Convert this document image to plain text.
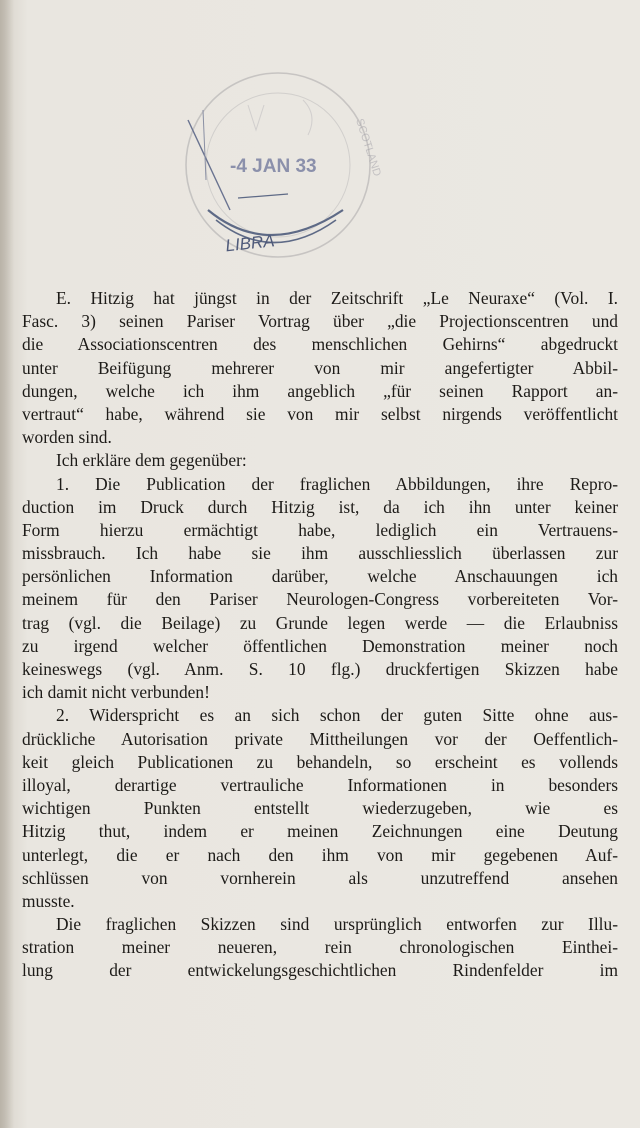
-4 JAN 33
LIBRA
SCOTLAND
E. Hitzig hat jüngst in der Zeitschrift „Le Neuraxe“ (Vol. I.
Fasc. 3) seinen Pariser Vortrag über „die Projectionscentren und
die Associationscentren des menschlichen Gehirns“ abgedruckt
unter Beifügung mehrerer von mir angefertigter Abbil-
dungen, welche ich ihm angeblich „für seinen Rapport an-
vertraut“ habe, während sie von mir selbst nirgends veröffentlicht
worden sind.
Ich erkläre dem gegenüber:
1. Die Publication der fraglichen Abbildungen, ihre Repro-
duction im Druck durch Hitzig ist, da ich ihn unter keiner
Form hierzu ermächtigt habe, lediglich ein Vertrauens-
missbrauch. Ich habe sie ihm ausschliesslich überlassen zur
persönlichen Information darüber, welche Anschauungen ich
meinem für den Pariser Neurologen-Congress vorbereiteten Vor-
trag (vgl. die Beilage) zu Grunde legen werde — die Erlaubniss
zu irgend welcher öffentlichen Demonstration meiner noch
keineswegs (vgl. Anm. S. 10 flg.) druckfertigen Skizzen habe
ich damit nicht verbunden!
2. Widerspricht es an sich schon der guten Sitte ohne aus-
drückliche Autorisation private Mittheilungen vor der Oeffentlich-
keit gleich Publicationen zu behandeln, so erscheint es vollends
illoyal, derartige vertrauliche Informationen in besonders
wichtigen Punkten entstellt wiederzugeben, wie es
Hitzig thut, indem er meinen Zeichnungen eine Deutung
unterlegt, die er nach den ihm von mir gegebenen Auf-
schlüssen von vornherein als unzutreffend ansehen
musste.
Die fraglichen Skizzen sind ursprünglich entworfen zur Illu-
stration meiner neueren, rein chronologischen Einthei-
lung der entwickelungsgeschichtlichen Rindenfelder im
